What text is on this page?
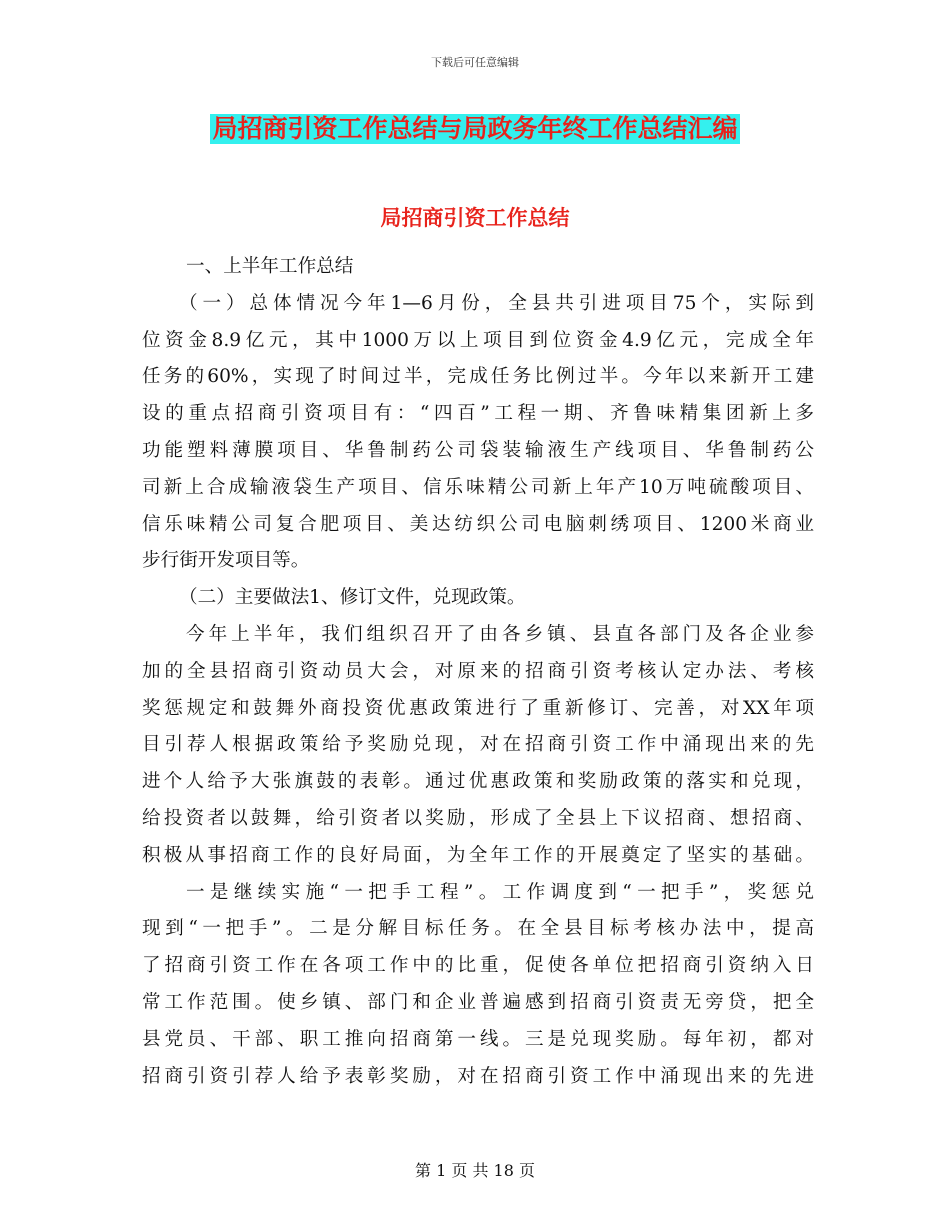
下载后可任意编辑
局招商引资工作总结与局政务年终工作总结汇编
局招商引资工作总结
一、上半年工作总结
（一）总体情况今年1—6月份，全县共引进项目75个，实际到
位资金8.9亿元，其中1000万以上项目到位资金4.9亿元，完成全年
任务的60%，实现了时间过半，完成任务比例过半。今年以来新开工建
设的重点招商引资项目有：“四百”工程一期、齐鲁味精集团新上多
功能塑料薄膜项目、华鲁制药公司袋装输液生产线项目、华鲁制药公
司新上合成输液袋生产项目、信乐味精公司新上年产10万吨硫酸项目、
信乐味精公司复合肥项目、美达纺织公司电脑刺绣项目、1200米商业
步行街开发项目等。
（二）主要做法1、修订文件，兑现政策。
今年上半年，我们组织召开了由各乡镇、县直各部门及各企业参
加的全县招商引资动员大会，对原来的招商引资考核认定办法、考核
奖惩规定和鼓舞外商投资优惠政策进行了重新修订、完善，对XX年项
目引荐人根据政策给予奖励兑现，对在招商引资工作中涌现出来的先
进个人给予大张旗鼓的表彰。通过优惠政策和奖励政策的落实和兑现，
给投资者以鼓舞，给引资者以奖励，形成了全县上下议招商、想招商、
积极从事招商工作的良好局面，为全年工作的开展奠定了坚实的基础。
一是继续实施“一把手工程”。工作调度到“一把手”，奖惩兑
现到“一把手”。二是分解目标任务。在全县目标考核办法中，提高
了招商引资工作在各项工作中的比重，促使各单位把招商引资纳入日
常工作范围。使乡镇、部门和企业普遍感到招商引资责无旁贷，把全
县党员、干部、职工推向招商第一线。三是兑现奖励。每年初，都对
招商引资引荐人给予表彰奖励，对在招商引资工作中涌现出来的先进
第 1 页 共 18 页
